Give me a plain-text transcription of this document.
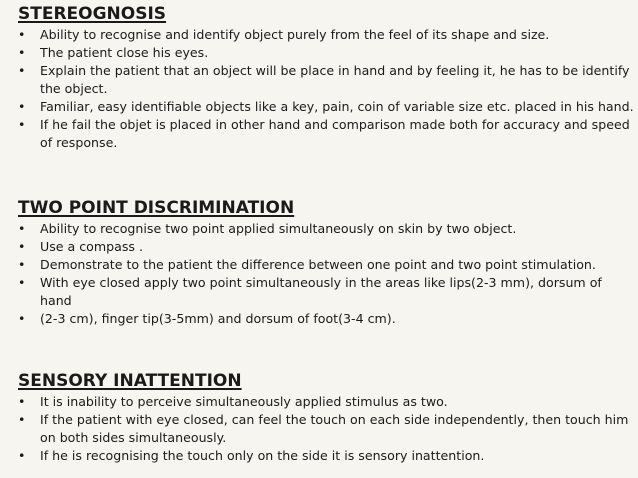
STEREOGNOSIS
•	Ability to recognise and identify object purely from the feel of its shape and size.
•	The patient close his eyes.
•	Explain the patient that an object will be place in hand and by feeling it, he has to be identify the object.
•	Familiar, easy identifiable objects like a key, pain, coin of variable size etc. placed in his hand.
•	If he fail the objet is placed in other hand and comparison made both for accuracy and speed of response.
TWO POINT DISCRIMINATION
•	Ability to recognise two point applied simultaneously on skin by two object.
•	Use a compass .
•	Demonstrate to the patient the difference between one point and two point stimulation.
•	With eye closed apply two point simultaneously in the areas like lips(2-3 mm), dorsum of hand
•	(2-3 cm), finger tip(3-5mm) and dorsum of foot(3-4 cm).
SENSORY INATTENTION
•	It is inability to perceive simultaneously applied stimulus as two.
•	If the patient with eye closed, can feel the touch on each side independently, then touch him on both sides simultaneously.
•	If he is recognising the touch only on the side it is sensory inattention.
